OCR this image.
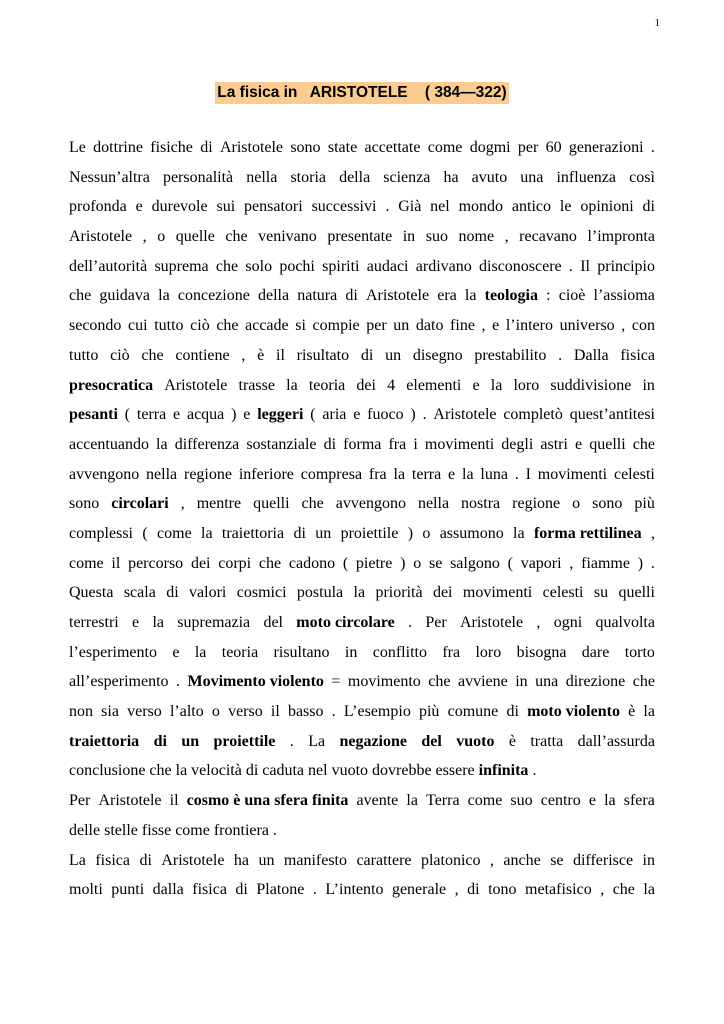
1
La fisica in   ARISTOTELE    ( 384—322)
Le dottrine fisiche di Aristotele sono state accettate come dogmi per 60 generazioni .
Nessun’altra personalità nella storia della scienza ha avuto una influenza così
profonda e durevole sui pensatori successivi . Già nel mondo antico le opinioni di
Aristotele , o quelle che venivano presentate in suo nome , recavano l’impronta
dell’autorità suprema che solo pochi spiriti audaci ardivano disconoscere . Il principio
che guidava la concezione della natura di Aristotele era la teologia : cioè l’assioma
secondo cui tutto ciò che accade si compie per un dato fine , e l’intero universo , con
tutto ciò che contiene , è il risultato di un disegno prestabilito . Dalla fisica
presocratica Aristotele trasse la teoria dei 4 elementi e la loro suddivisione in
pesanti ( terra e acqua ) e leggeri ( aria e fuoco ) . Aristotele completò quest’antitesi
accentuando la differenza sostanziale di forma fra i movimenti degli astri e quelli che
avvengono nella regione inferiore compresa fra la terra e la luna . I movimenti celesti
sono circolari , mentre quelli che avvengono nella nostra regione o sono più
complessi ( come la traiettoria di un proiettile ) o assumono la forma rettilinea ,
come il percorso dei corpi che cadono ( pietre ) o se salgono ( vapori , fiamme ) .
Questa scala di valori cosmici postula la priorità dei movimenti celesti su quelli
terrestri e la supremazia del moto circolare . Per Aristotele , ogni qualvolta
l’esperimento e la teoria risultano in conflitto fra loro bisogna dare torto
all’esperimento . Movimento violento = movimento che avviene in una direzione che
non sia verso l’alto o verso il basso . L’esempio più comune di moto violento è la
traiettoria di un proiettile . La negazione del vuoto è tratta dall’assurda
conclusione che la velocità di caduta nel vuoto dovrebbe essere infinita .
Per Aristotele il cosmo è una sfera finita avente la Terra come suo centro e la sfera
delle stelle fisse come frontiera .
La fisica di Aristotele ha un manifesto carattere platonico , anche se differisce in
molti punti dalla fisica di Platone . L’intento generale , di tono metafisico , che la
